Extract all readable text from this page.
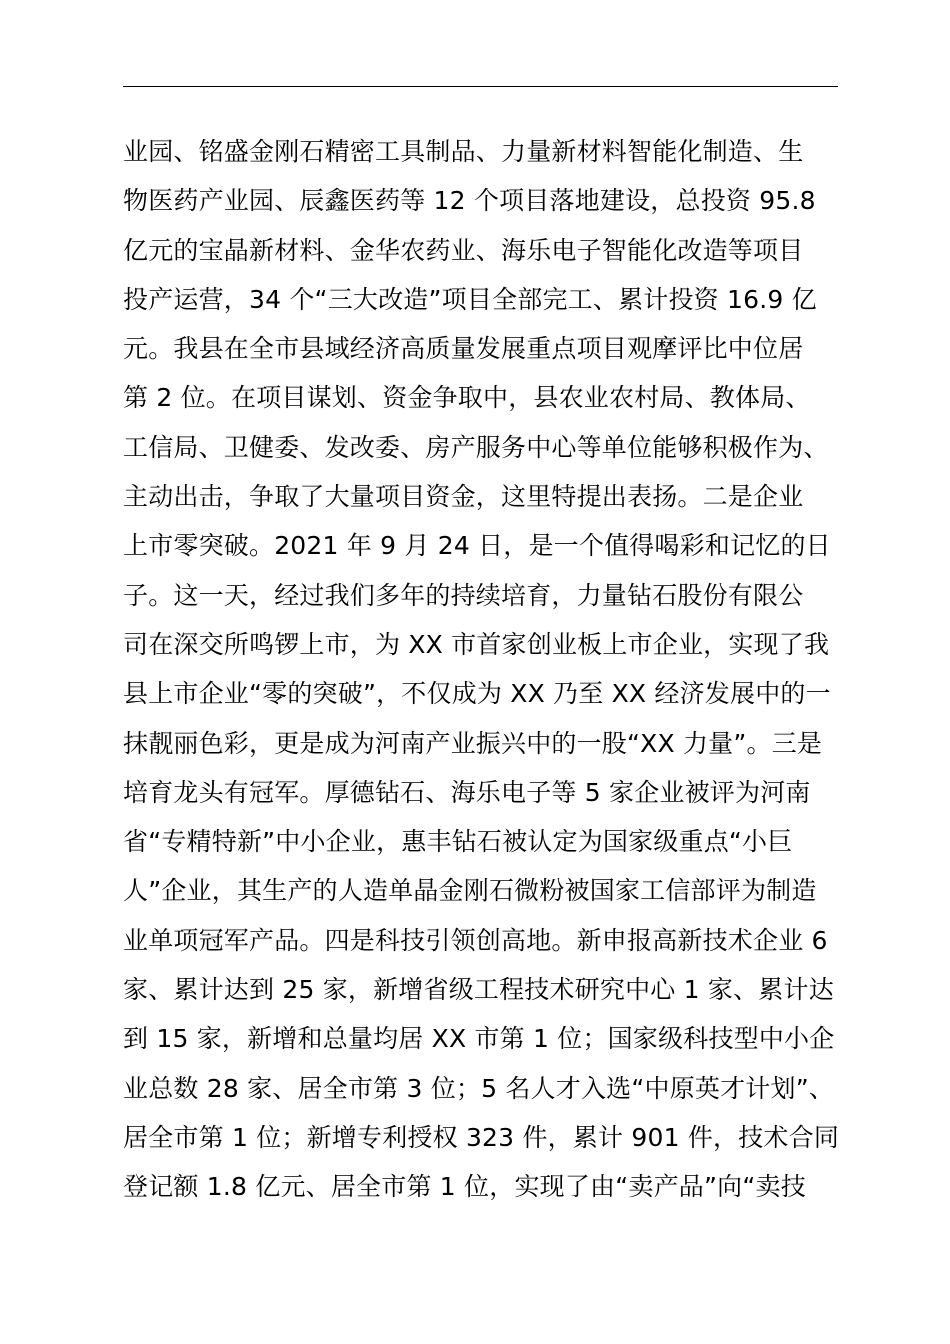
业园、铭盛金刚石精密工具制品、力量新材料智能化制造、生
物医药产业园、辰鑫医药等 12 个项目落地建设，总投资 95.8
亿元的宝晶新材料、金华农药业、海乐电子智能化改造等项目
投产运营，34 个“三大改造”项目全部完工、累计投资 16.9 亿
元。我县在全市县域经济高质量发展重点项目观摩评比中位居
第 2 位。在项目谋划、资金争取中，县农业农村局、教体局、
工信局、卫健委、发改委、房产服务中心等单位能够积极作为、
主动出击，争取了大量项目资金，这里特提出表扬。二是企业
上市零突破。2021 年 9 月 24 日，是一个值得喝彩和记忆的日
子。这一天，经过我们多年的持续培育，力量钻石股份有限公
司在深交所鸣锣上市，为 XX 市首家创业板上市企业，实现了我
县上市企业“零的突破”，不仅成为 XX 乃至 XX 经济发展中的一
抹靓丽色彩，更是成为河南产业振兴中的一股“XX 力量”。三是
培育龙头有冠军。厚德钻石、海乐电子等 5 家企业被评为河南
省“专精特新”中小企业，惠丰钻石被认定为国家级重点“小巨
人”企业，其生产的人造单晶金刚石微粉被国家工信部评为制造
业单项冠军产品。四是科技引领创高地。新申报高新技术企业 6
家、累计达到 25 家，新增省级工程技术研究中心 1 家、累计达
到 15 家，新增和总量均居 XX 市第 1 位；国家级科技型中小企
业总数 28 家、居全市第 3 位；5 名人才入选“中原英才计划”、
居全市第 1 位；新增专利授权 323 件，累计 901 件，技术合同
登记额 1.8 亿元、居全市第 1 位，实现了由“卖产品”向“卖技
